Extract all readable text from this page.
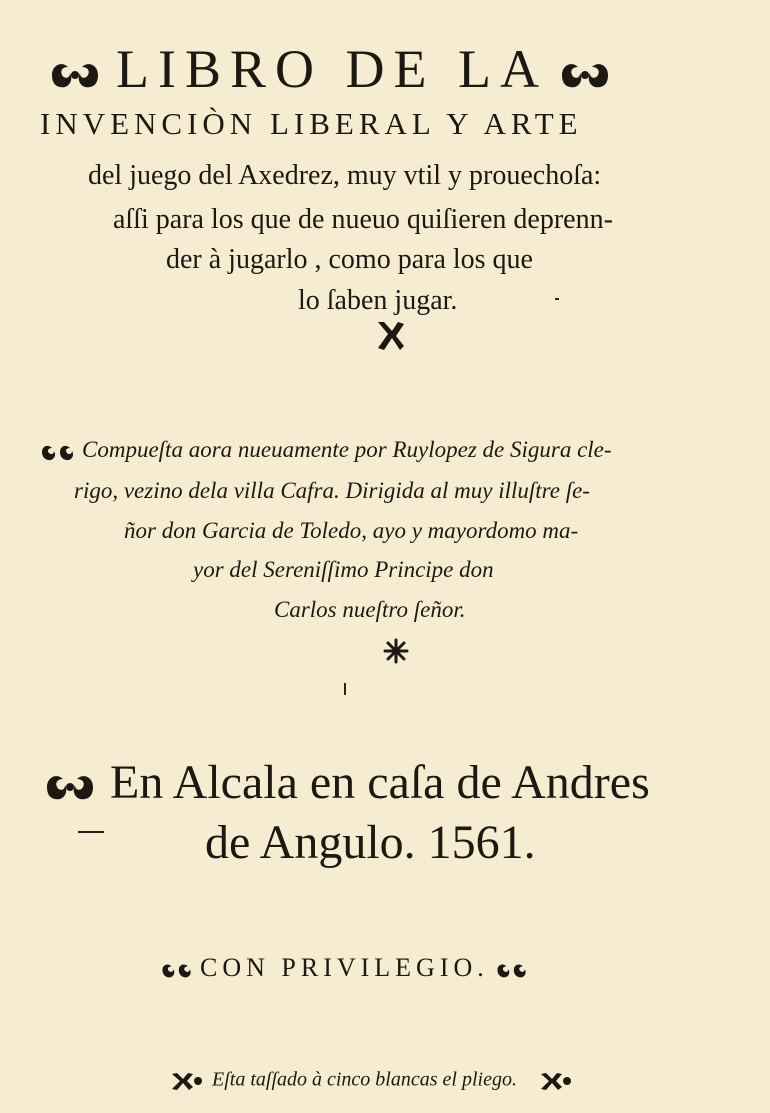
LIBRO DE LA
INVENCIÒN LIBERAL Y ARTE
del juego del Axedrez, muy vtil y prouechoſa:
aſſi para los que de nueuo quiſieren deprenn-
der à jugarlo , como para los que
lo ſaben jugar.
Compueſta aora nueuamente por Ruylopez de Sigura cle-
rigo, vezino dela villa Cafra. Dirigida al muy illuſtre ſe-
ñor don Garcia de Toledo, ayo y mayordomo ma-
yor del Sereniſſimo Principe don
Carlos nueſtro ſeñor.
En Alcala en caſa de Andres
de Angulo. 1561.
CON PRIVILEGIO.
Eſta taſſado à cinco blancas el pliego.
